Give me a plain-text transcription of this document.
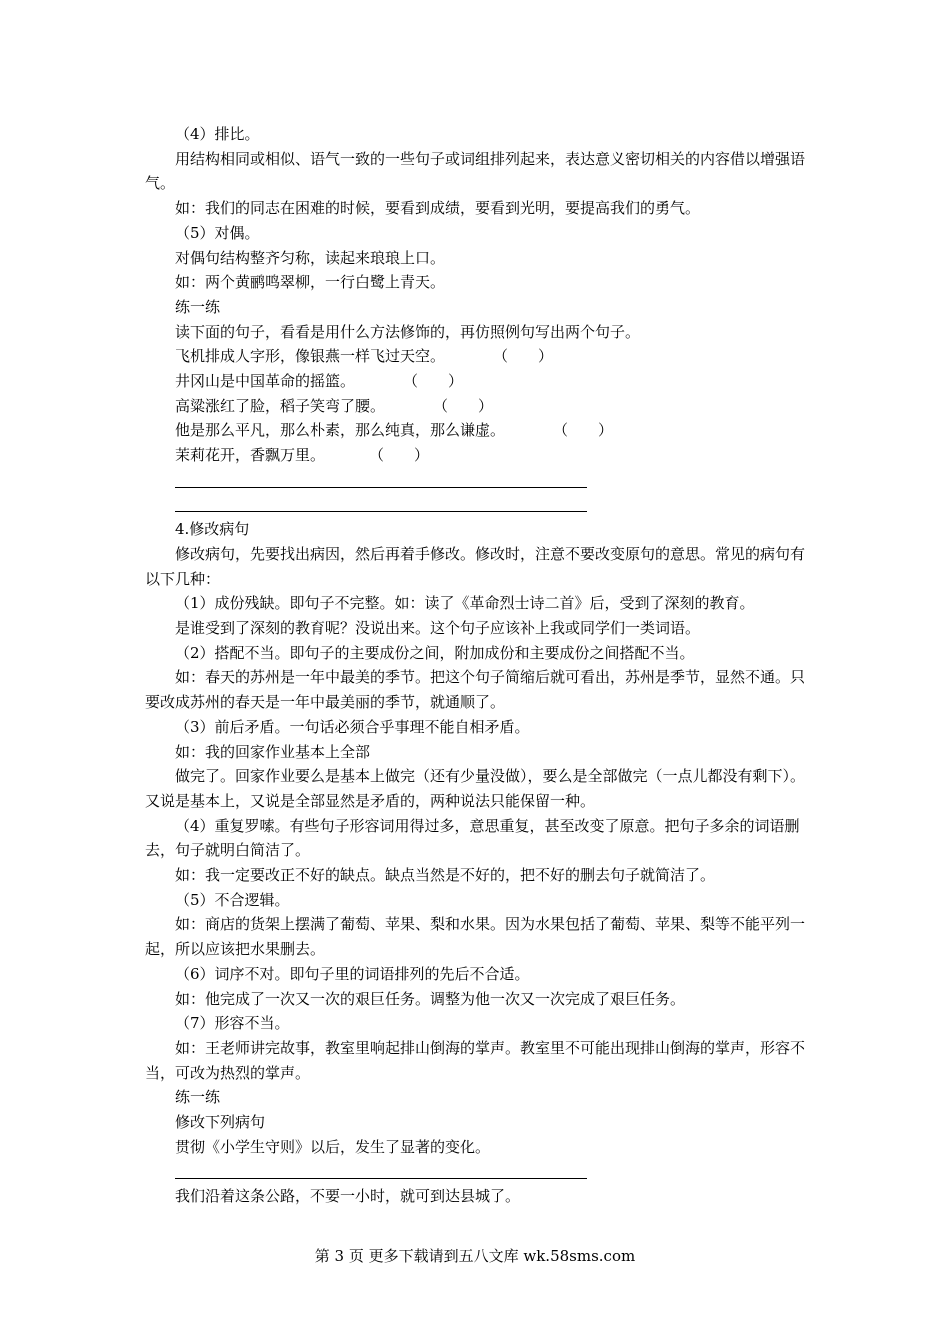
（4）排比。

用结构相同或相似、语气一致的一些句子或词组排列起来，表达意义密切相关的内容借以增强语气。

如：我们的同志在困难的时候，要看到成绩，要看到光明，要提高我们的勇气。

（5）对偶。

对偶句结构整齐匀称，读起来琅琅上口。

如：两个黄鹂鸣翠柳，一行白鹭上青天。

练一练

读下面的句子，看看是用什么方法修饰的，再仿照例句写出两个句子。

飞机排成人字形，像银燕一样飞过天空。	（　　）

井冈山是中国革命的摇篮。	（　　）

高粱涨红了脸，稻子笑弯了腰。	（　　）

他是那么平凡，那么朴素，那么纯真，那么谦虚。	（　　）

茉莉花开，香飘万里。	（　　）

4.修改病句

修改病句，先要找出病因，然后再着手修改。修改时，注意不要改变原句的意思。常见的病句有以下几种：

（1）成份残缺。即句子不完整。如：读了《革命烈士诗二首》后，受到了深刻的教育。

是谁受到了深刻的教育呢？没说出来。这个句子应该补上我或同学们一类词语。

（2）搭配不当。即句子的主要成份之间，附加成份和主要成份之间搭配不当。

如：春天的苏州是一年中最美的季节。把这个句子简缩后就可看出，苏州是季节，显然不通。只要改成苏州的春天是一年中最美丽的季节，就通顺了。

（3）前后矛盾。一句话必须合乎事理不能自相矛盾。

如：我的回家作业基本上全部

做完了。回家作业要么是基本上做完（还有少量没做），要么是全部做完（一点儿都没有剩下）。又说是基本上，又说是全部显然是矛盾的，两种说法只能保留一种。

（4）重复罗嗦。有些句子形容词用得过多，意思重复，甚至改变了原意。把句子多余的词语删去，句子就明白简洁了。

如：我一定要改正不好的缺点。缺点当然是不好的，把不好的删去句子就简洁了。

（5）不合逻辑。

如：商店的货架上摆满了葡萄、苹果、梨和水果。因为水果包括了葡萄、苹果、梨等不能平列一起，所以应该把水果删去。

（6）词序不对。即句子里的词语排列的先后不合适。

如：他完成了一次又一次的艰巨任务。调整为他一次又一次完成了艰巨任务。

（7）形容不当。

如：王老师讲完故事，教室里响起排山倒海的掌声。教室里不可能出现排山倒海的掌声，形容不当，可改为热烈的掌声。

练一练

修改下列病句

贯彻《小学生守则》以后，发生了显著的变化。

我们沿着这条公路，不要一小时，就可到达县城了。

第 3 页 更多下载请到五八文库 wk.58sms.com
